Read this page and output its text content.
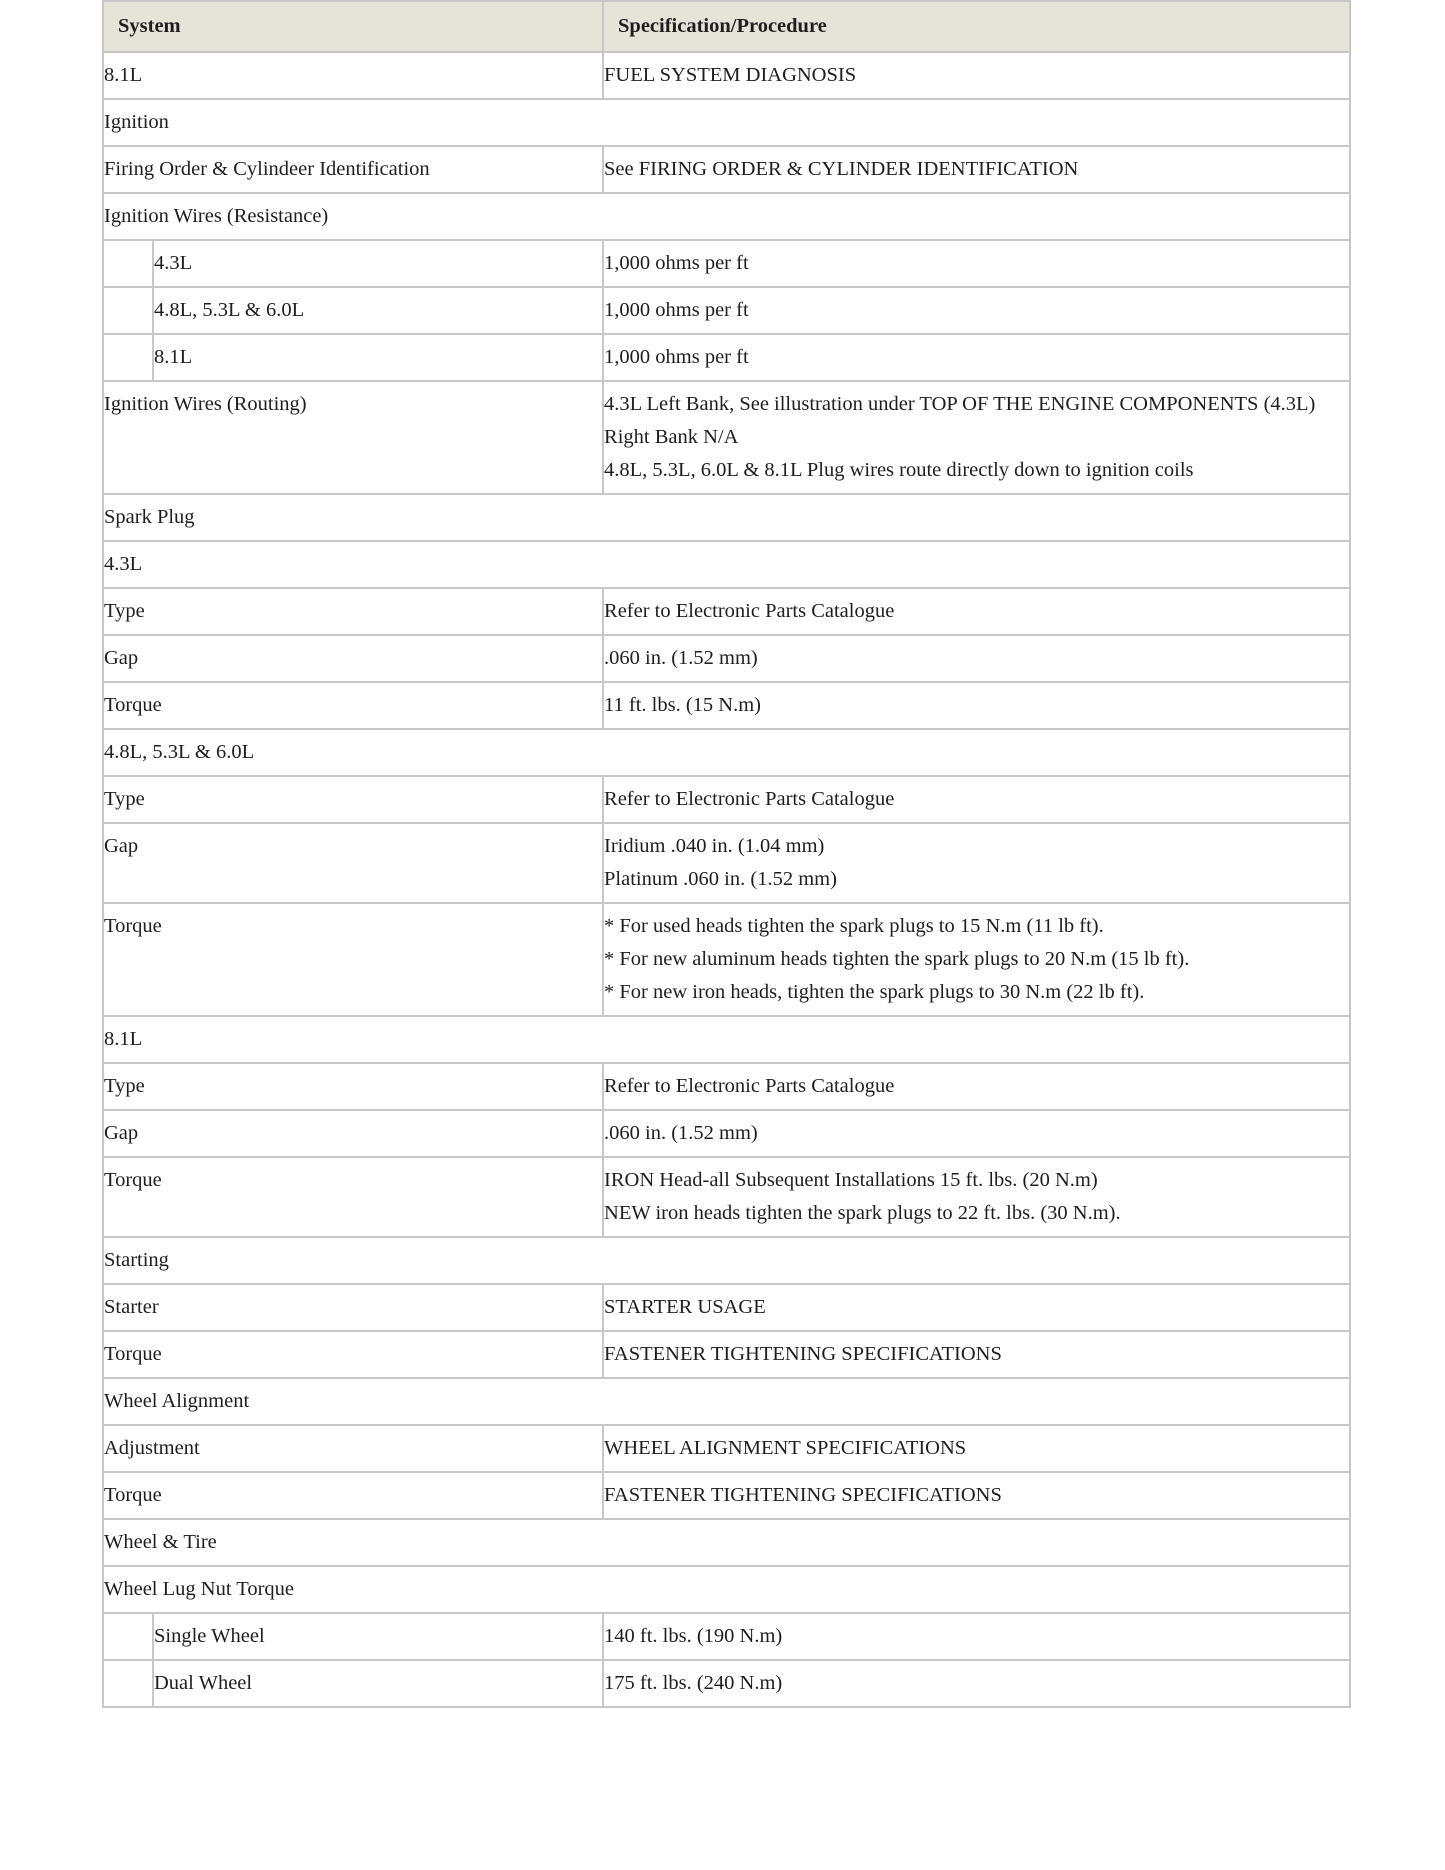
System		Specification/Procedure
8.1L		FUEL SYSTEM DIAGNOSIS
Ignition		
Firing Order & Cylindeer Identification		See FIRING ORDER & CYLINDER IDENTIFICATION
Ignition Wires (Resistance)		
	4.3L	1,000 ohms per ft
	4.8L, 5.3L & 6.0L	1,000 ohms per ft
	8.1L	1,000 ohms per ft
Ignition Wires (Routing)		4.3L Left Bank, See illustration under TOP OF THE ENGINE COMPONENTS (4.3L)
Right Bank N/A
4.8L, 5.3L, 6.0L & 8.1L Plug wires route directly down to ignition coils

Spark Plug		
4.3L		
Type		Refer to Electronic Parts Catalogue
Gap		.060 in. (1.52 mm)
Torque		11 ft. lbs. (15 N.m)
4.8L, 5.3L & 6.0L		
Type		Refer to Electronic Parts Catalogue
Gap		Iridium .040 in. (1.04 mm)
Platinum .060 in. (1.52 mm)

Torque		* For used heads tighten the spark plugs to 15 N.m (11 lb ft).
* For new aluminum heads tighten the spark plugs to 20 N.m (15 lb ft).
* For new iron heads, tighten the spark plugs to 30 N.m (22 lb ft).

8.1L		
Type		Refer to Electronic Parts Catalogue
Gap		.060 in. (1.52 mm)
Torque		IRON Head-all Subsequent Installations 15 ft. lbs. (20 N.m)
NEW iron heads tighten the spark plugs to 22 ft. lbs. (30 N.m).

Starting		
Starter		STARTER USAGE
Torque		FASTENER TIGHTENING SPECIFICATIONS
Wheel Alignment		
Adjustment		WHEEL ALIGNMENT SPECIFICATIONS
Torque		FASTENER TIGHTENING SPECIFICATIONS
Wheel & Tire		
Wheel Lug Nut Torque		
	Single Wheel	140 ft. lbs. (190 N.m)
	Dual Wheel	175 ft. lbs. (240 N.m)
